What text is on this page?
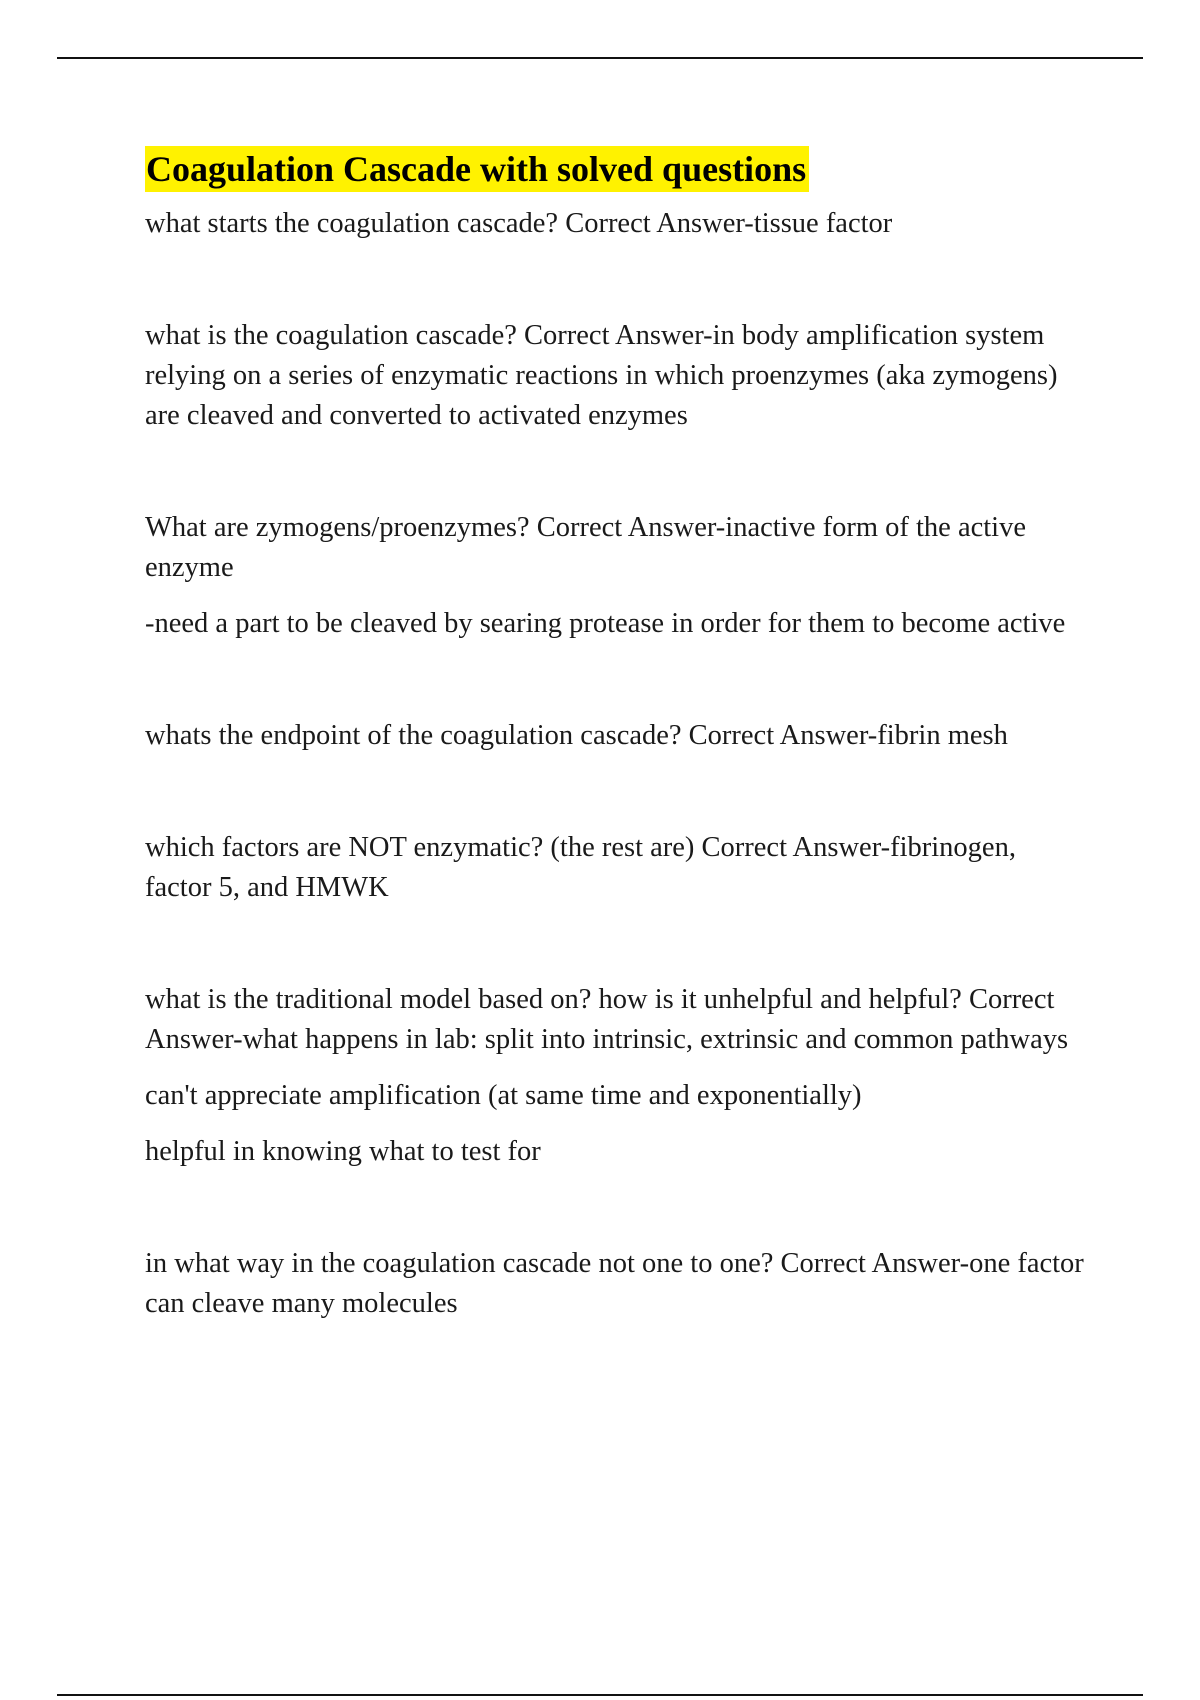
Coagulation Cascade with solved questions

what starts the coagulation cascade? Correct Answer-tissue factor

what is the coagulation cascade? Correct Answer-in body amplification system relying on a series of enzymatic reactions in which proenzymes (aka zymogens) are cleaved and converted to activated enzymes

What are zymogens/proenzymes? Correct Answer-inactive form of the active enzyme

-need a part to be cleaved by searing protease in order for them to become active

whats the endpoint of the coagulation cascade? Correct Answer-fibrin mesh

which factors are NOT enzymatic? (the rest are) Correct Answer-fibrinogen, factor 5, and HMWK

what is the traditional model based on? how is it unhelpful and helpful? Correct Answer-what happens in lab: split into intrinsic, extrinsic and common pathways

can't appreciate amplification (at same time and exponentially)

helpful in knowing what to test for

in what way in the coagulation cascade not one to one? Correct Answer-one factor can cleave many molecules
